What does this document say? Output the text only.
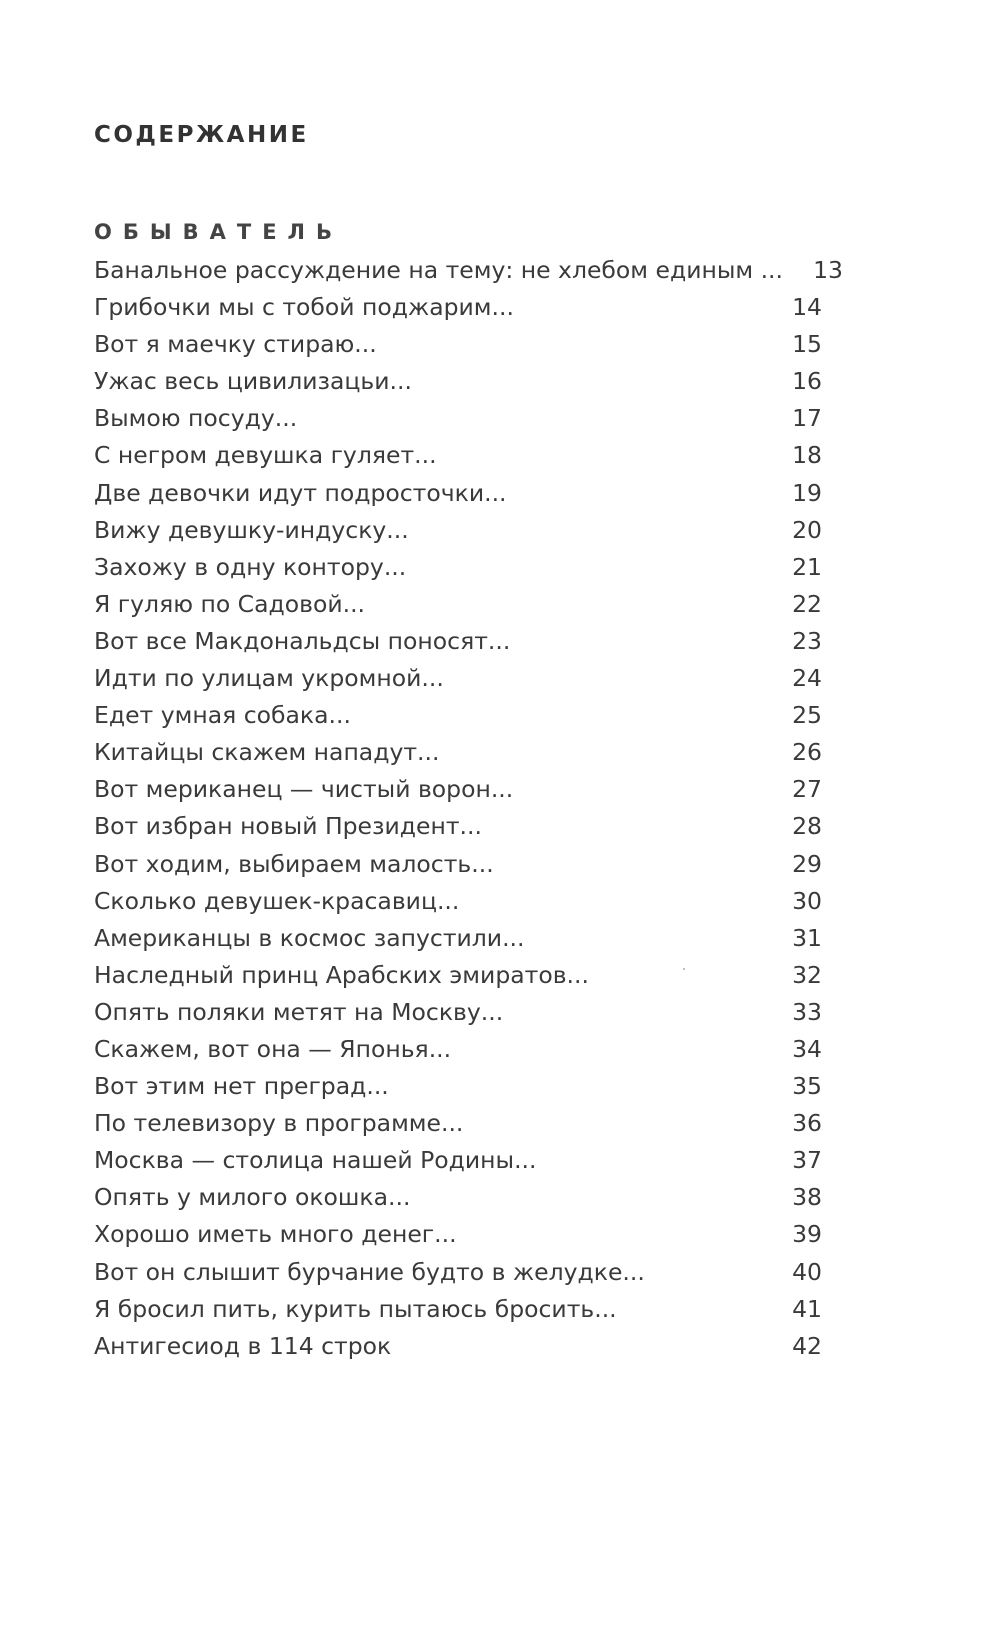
СОДЕРЖАНИЕ
ОБЫВАТЕЛЬ
Банальное рассуждение на тему: не хлебом единым ...	13
Грибочки мы с тобой поджарим...	14
Вот я маечку стираю...	15
Ужас весь цивилизацьи...	16
Вымою посуду...	17
С негром девушка гуляет...	18
Две девочки идут подросточки...	19
Вижу девушку-индуску...	20
Захожу в одну контору...	21
Я гуляю по Садовой...	22
Вот все Макдональдсы поносят...	23
Идти по улицам укромной...	24
Едет умная собака...	25
Китайцы скажем нападут...	26
Вот мериканец — чистый ворон...	27
Вот избран новый Президент...	28
Вот ходим, выбираем малость...	29
Сколько девушек-красавиц...	30
Американцы в космос запустили...	31
Наследный принц Арабских эмиратов...	32
Опять поляки метят на Москву...	33
Скажем, вот она — Японья...	34
Вот этим нет преград...	35
По телевизору в программе...	36
Москва — столица нашей Родины...	37
Опять у милого окошка...	38
Хорошо иметь много денег...	39
Вот он слышит бурчание будто в желудке...	40
Я бросил пить, курить пытаюсь бросить...	41
Антигесиод в 114 строк	42
